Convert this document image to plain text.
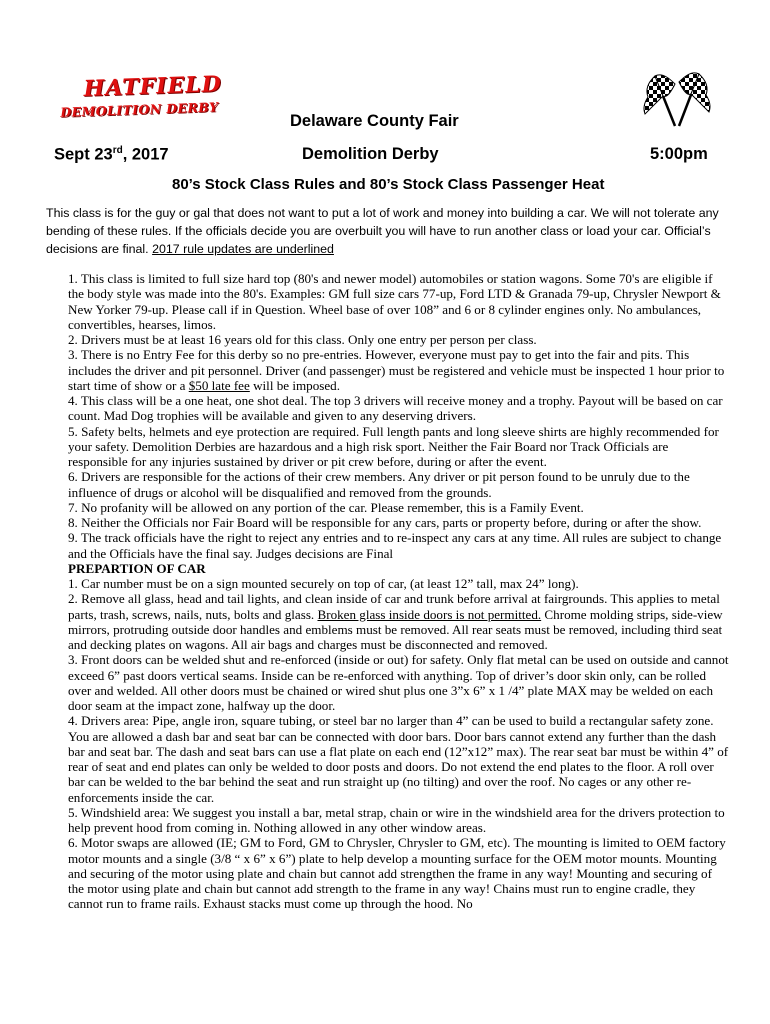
HATFIELD
DEMOLITION DERBY
Delaware County Fair
Sept 23rd, 2017	Demolition Derby	5:00pm
80’s Stock Class Rules and 80’s Stock Class Passenger Heat
This class is for the guy or gal that does not want to put a lot of work and money into building a car. We will not tolerate any bending of these rules. If the officials decide you are overbuilt you will have to run another class or load your car. Official’s decisions are final. 2017 rule updates are underlined

1. This class is limited to full size hard top (80's and newer model) automobiles or station wagons. Some 70's are eligible if the body style was made into the 80's. Examples: GM full size cars 77-up, Ford LTD & Granada 79-up, Chrysler Newport & New Yorker 79-up. Please call if in Question. Wheel base of over 108” and 6 or 8 cylinder engines only. No ambulances, convertibles, hearses, limos.

2. Drivers must be at least 16 years old for this class. Only one entry per person per class.

3. There is no Entry Fee for this derby so no pre-entries. However, everyone must pay to get into the fair and pits. This includes the driver and pit personnel. Driver (and passenger) must be registered and vehicle must be inspected 1 hour prior to start time of show or a $50 late fee will be imposed.

4. This class will be a one heat, one shot deal. The top 3 drivers will receive money and a trophy. Payout will be based on car count. Mad Dog trophies will be available and given to any deserving drivers.

5. Safety belts, helmets and eye protection are required. Full length pants and long sleeve shirts are highly recommended for your safety. Demolition Derbies are hazardous and a high risk sport. Neither the Fair Board nor Track Officials are responsible for any injuries sustained by driver or pit crew before, during or after the event.

6. Drivers are responsible for the actions of their crew members. Any driver or pit person found to be unruly due to the influence of drugs or alcohol will be disqualified and removed from the grounds.

7. No profanity will be allowed on any portion of the car. Please remember, this is a Family Event.

8. Neither the Officials nor Fair Board will be responsible for any cars, parts or property before, during or after the show.

9. The track officials have the right to reject any entries and to re-inspect any cars at any time. All rules are subject to change and the Officials have the final say. Judges decisions are Final

PREPARTION OF CAR

1. Car number must be on a sign mounted securely on top of car, (at least 12” tall, max 24” long).

2. Remove all glass, head and tail lights, and clean inside of car and trunk before arrival at fairgrounds. This applies to metal parts, trash, screws, nails, nuts, bolts and glass. Broken glass inside doors is not permitted. Chrome molding strips, side-view mirrors, protruding outside door handles and emblems must be removed. All rear seats must be removed, including third seat and decking plates on wagons. All air bags and charges must be disconnected and removed.

3. Front doors can be welded shut and re-enforced (inside or out) for safety. Only flat metal can be used on outside and cannot exceed 6” past doors vertical seams. Inside can be re-enforced with anything. Top of driver’s door skin only, can be rolled over and welded. All other doors must be chained or wired shut plus one 3”x 6” x 1 /4” plate MAX may be welded on each door seam at the impact zone, halfway up the door.

4. Drivers area: Pipe, angle iron, square tubing, or steel bar no larger than 4” can be used to build a rectangular safety zone. You are allowed a dash bar and seat bar can be connected with door bars. Door bars cannot extend any further than the dash bar and seat bar. The dash and seat bars can use a flat plate on each end (12”x12” max). The rear seat bar must be within 4” of rear of seat and end plates can only be welded to door posts and doors. Do not extend the end plates to the floor. A roll over bar can be welded to the bar behind the seat and run straight up (no tilting) and over the roof. No cages or any other re-enforcements inside the car.

5. Windshield area: We suggest you install a bar, metal strap, chain or wire in the windshield area for the drivers protection to help prevent hood from coming in. Nothing allowed in any other window areas.

6. Motor swaps are allowed (IE; GM to Ford, GM to Chrysler, Chrysler to GM, etc). The mounting is limited to OEM factory motor mounts and a single (3/8 “ x 6” x 6”) plate to help develop a mounting surface for the OEM motor mounts. Mounting and securing of the motor using plate and chain but cannot add strengthen the frame in any way! Mounting and securing of the motor using plate and chain but cannot add strength to the frame in any way! Chains must run to engine cradle, they cannot run to frame rails. Exhaust stacks must come up through the hood. No
